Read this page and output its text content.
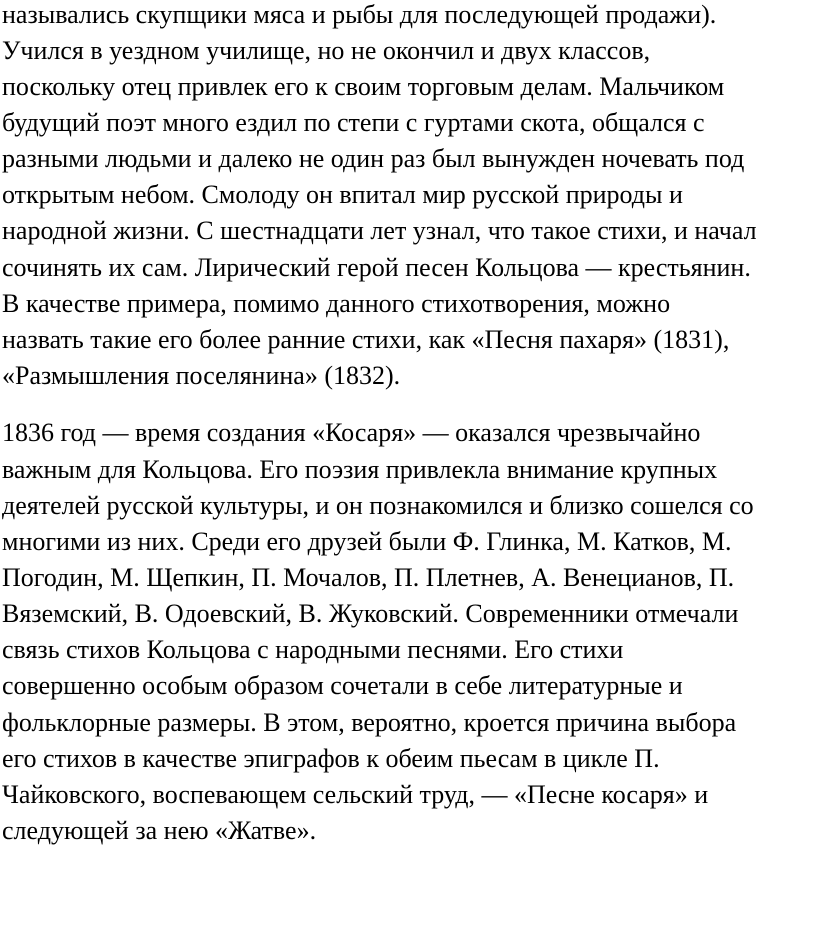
назывались скупщики мяса и рыбы для последующей продажи).

Учился в уездном училище, но не окончил и двух классов,

поскольку отец привлек его к своим торговым делам. Мальчиком

будущий поэт много ездил по степи с гуртами скота, общался с

разными людьми и далеко не один раз был вынужден ночевать под

открытым небом. Смолоду он впитал мир русской природы и

народной жизни. С шестнадцати лет узнал, что такое стихи, и начал

сочинять их сам. Лирический герой песен Кольцова — крестьянин.

В качестве примера, помимо данного стихотворения, можно

назвать такие его более ранние стихи, как «Песня пахаря» (1831),

«Размышления поселянина» (1832).

1836 год — время создания «Косаря» — оказался чрезвычайно

важным для Кольцова. Его поэзия привлекла внимание крупных

деятелей русской культуры, и он познакомился и близко сошелся со

многими из них. Среди его друзей были Ф. Глинка, М. Катков, М.

Погодин, М. Щепкин, П. Мочалов, П. Плетнев, А. Венецианов, П.

Вяземский, В. Одоевский, В. Жуковский. Современники отмечали

связь стихов Кольцова с народными песнями. Его стихи

совершенно особым образом сочетали в себе литературные и

фольклорные размеры. В этом, вероятно, кроется причина выбора

его стихов в качестве эпиграфов к обеим пьесам в цикле П.

Чайковского, воспевающем сельский труд, — «Песне косаря» и

следующей за нею «Жатве».
